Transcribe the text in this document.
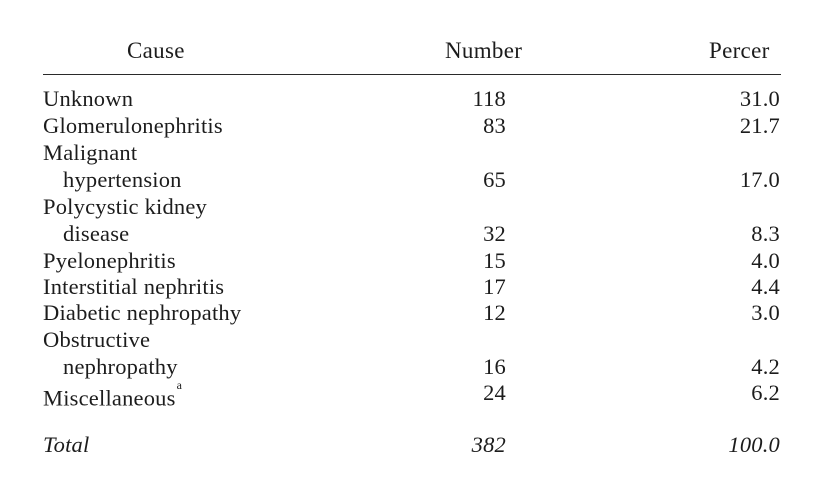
Cause	Number	Percer
Unknown	118	31.0
Glomerulonephritis	83	21.7
Malignant
hypertension	65	17.0
Polycystic kidney
disease	32	8.3
Pyelonephritis	15	4.0
Interstitial nephritis	17	4.4
Diabetic nephropathy	12	3.0
Obstructive
nephropathy	16	4.2
Miscellaneous$^a$	24	6.2
Total	382	100.0
